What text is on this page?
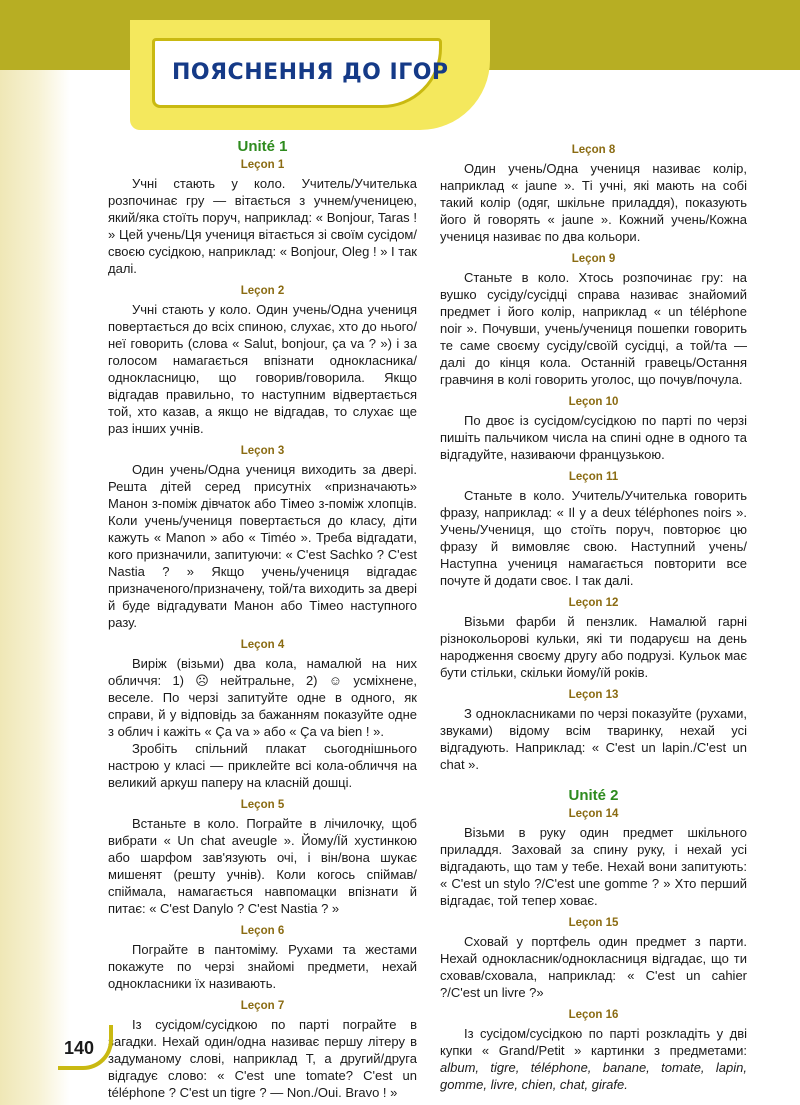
ПОЯСНЕННЯ ДО ІГОР
Unité 1
Leçon 1

Учні стають у коло. Учитель/Учителька розпочинає гру — вітається з учнем/ученицею, який/яка стоїть поруч, наприклад: « Bonjour, Taras ! » Цей учень/Ця учениця вітається зі своїм сусідом/своєю сусідкою, наприклад: « Bonjour, Oleg ! » І так далі.

Leçon 2

Учні стають у коло. Один учень/Одна учениця повертається до всіх спиною, слухає, хто до нього/неї говорить (слова « Salut, bonjour, ça va ? ») і за голосом намагається впізнати однокласника/однокласницю, що говорив/говорила. Якщо відгадав правильно, то наступним відвертається той, хто казав, а якщо не відгадав, то слухає ще раз інших учнів.

Leçon 3

Один учень/Одна учениця виходить за двері. Решта дітей серед присутніх «призначають» Манон з-поміж дівчаток або Тімео з-поміж хлопців. Коли учень/учениця повертається до класу, діти кажуть « Manon » або « Timéo ». Треба відгадати, кого призначили, запитуючи: « C'est Sachko ? C'est Nastia ? » Якщо учень/учениця відгадає призначеного/призначену, той/та виходить за двері й буде відгадувати Манон або Тімео наступного разу.

Leçon 4

Виріж (візьми) два кола, намалюй на них обличчя: 1) ☹ нейтральне, 2) ☺ усміхнене, веселе. По черзі запитуйте одне в одного, як справи, й у відповідь за бажанням показуйте одне з облич і кажіть « Ça va » або « Ça va bien ! ».

Зробіть спільний плакат сьогоднішнього настрою у класі — приклейте всі кола-обличчя на великий аркуш паперу на класній дошці.

Leçon 5

Встаньте в коло. Пограйте в лічилочку, щоб вибрати « Un chat aveugle ». Йому/Їй хустинкою або шарфом зав'язують очі, і він/вона шукає мишенят (решту учнів). Коли когось спіймав/спіймала, намагається навпомацки впізнати й питає: « C'est Danylo ? C'est Nastia ? »

Leçon 6

Пограйте в пантоміму. Рухами та жестами покажуте по черзі знайомі предмети, нехай однокласники їх називають.

Leçon 7

Із сусідом/сусідкою по парті пограйте в загадки. Нехай один/одна називає першу літеру в задуманому слові, наприклад T, а другий/друга відгадує слово: « C'est une tomate? C'est un téléphone ? C'est un tigre ? — Non./Oui. Bravo ! »

Leçon 8

Один учень/Одна учениця називає колір, наприклад « jaune ». Ті учні, які мають на собі такий колір (одяг, шкільне приладдя), показують його й говорять « jaune ». Кожний учень/Кожна учениця називає по два кольори.

Leçon 9

Станьте в коло. Хтось розпочинає гру: на вушко сусіду/сусідці справа називає знайомий предмет і його колір, наприклад « un téléphone noir ». Почувши, учень/учениця пошепки говорить те саме своєму сусіду/своїй сусідці, а той/та — далі до кінця кола. Останній гравець/Остання гравчиня в колі говорить уголос, що почув/почула.

Leçon 10

По двоє із сусідом/сусідкою по парті по черзі пишіть пальчиком числа на спині одне в одного та відгадуйте, називаючи французькою.

Leçon 11

Станьте в коло. Учитель/Учителька говорить фразу, наприклад: « Il y a deux téléphones noirs ». Учень/Учениця, що стоїть поруч, повторює цю фразу й вимовляє свою. Наступний учень/Наступна учениця намагається повторити все почуте й додати своє. І так далі.

Leçon 12

Візьми фарби й пензлик. Намалюй гарні різнокольорові кульки, які ти подаруєш на день народження своєму другу або подрузі. Кульок має бути стільки, скільки йому/їй років.

Leçon 13

З однокласниками по черзі показуйте (рухами, звуками) відому всім тваринку, нехай усі відгадують. Наприклад: « C'est un lapin./C'est un chat ».

Unité 2
Leçon 14

Візьми в руку один предмет шкільного приладдя. Заховай за спину руку, і нехай усі відгадають, що там у тебе. Нехай вони запитують: « C'est un stylo ?/C'est une gomme ? » Хто перший відгадає, той тепер ховає.

Leçon 15

Сховай у портфель один предмет з парти. Нехай однокласник/однокласниця відгадає, що ти сховав/сховала, наприклад: « C'est un cahier ?/C'est un livre ?»

Leçon 16

Із сусідом/сусідкою по парті розкладіть у дві купки « Grand/Petit » картинки з предметами: album, tigre, téléphone, banane, tomate, lapin, gomme, livre, chien, chat, girafe.

140
